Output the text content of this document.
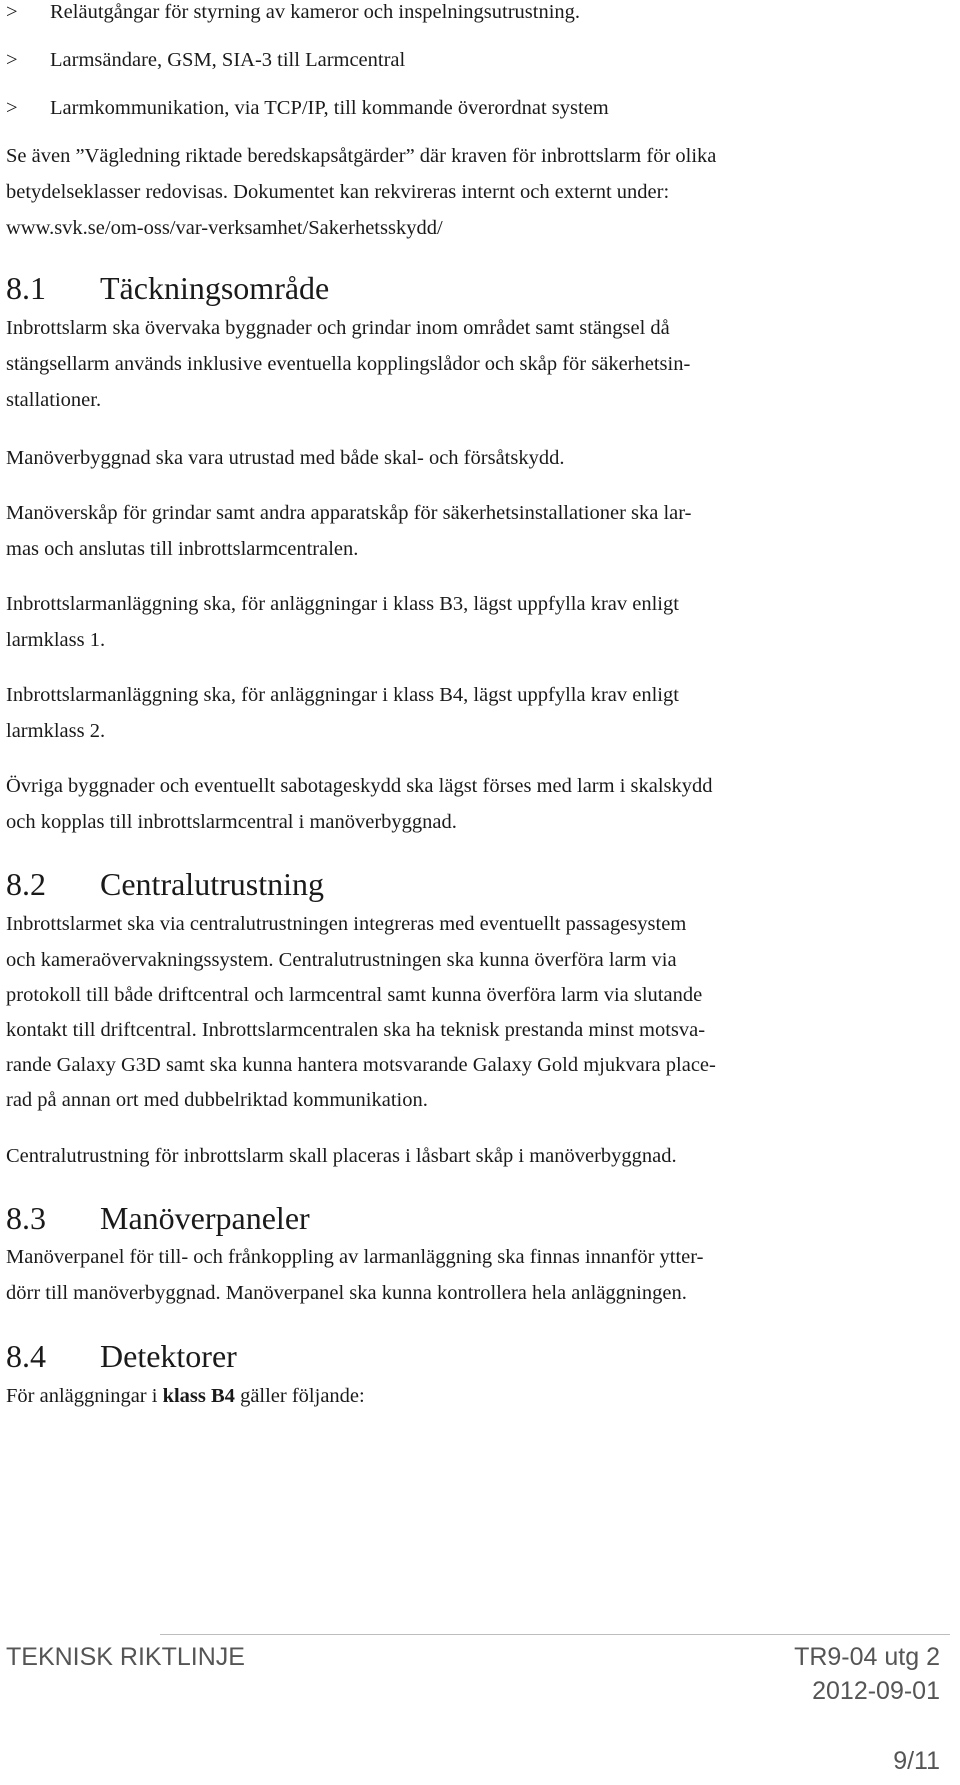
> Reläutgångar för styrning av kameror och inspelningsutrustning.
> Larmsändare, GSM, SIA-3 till Larmcentral
> Larmkommunikation, via TCP/IP, till kommande överordnat system
Se även ”Vägledning riktade beredskapsåtgärder” där kraven för inbrottslarm för olika
betydelseklasser redovisas. Dokumentet kan rekvireras internt och externt under:
www.svk.se/om-oss/var-verksamhet/Sakerhetsskydd/
8.1 Täckningsområde
Inbrottslarm ska övervaka byggnader och grindar inom området samt stängsel då
stängsellarm används inklusive eventuella kopplingslådor och skåp för säkerhetsin-
stallationer.
Manöverbyggnad ska vara utrustad med både skal- och försåtskydd.
Manöverskåp för grindar samt andra apparatskåp för säkerhetsinstallationer ska lar-
mas och anslutas till inbrottslarmcentralen.
Inbrottslarmanläggning ska, för anläggningar i klass B3, lägst uppfylla krav enligt
larmklass 1.
Inbrottslarmanläggning ska, för anläggningar i klass B4, lägst uppfylla krav enligt
larmklass 2.
Övriga byggnader och eventuellt sabotageskydd ska lägst förses med larm i skalskydd
och kopplas till inbrottslarmcentral i manöverbyggnad.
8.2 Centralutrustning
Inbrottslarmet ska via centralutrustningen integreras med eventuellt passagesystem
och kameraövervakningssystem. Centralutrustningen ska kunna överföra larm via
protokoll till både driftcentral och larmcentral samt kunna överföra larm via slutande
kontakt till driftcentral. Inbrottslarmcentralen ska ha teknisk prestanda minst motsva-
rande Galaxy G3D samt ska kunna hantera motsvarande Galaxy Gold mjukvara place-
rad på annan ort med dubbelriktad kommunikation.
Centralutrustning för inbrottslarm skall placeras i låsbart skåp i manöverbyggnad.
8.3 Manöverpaneler
Manöverpanel för till- och frånkoppling av larmanläggning ska finnas innanför ytter-
dörr till manöverbyggnad. Manöverpanel ska kunna kontrollera hela anläggningen.
8.4 Detektorer
För anläggningar i klass B4 gäller följande:
TEKNISK RIKTLINJE	TR9-04 utg 2
2012-09-01
9/11
